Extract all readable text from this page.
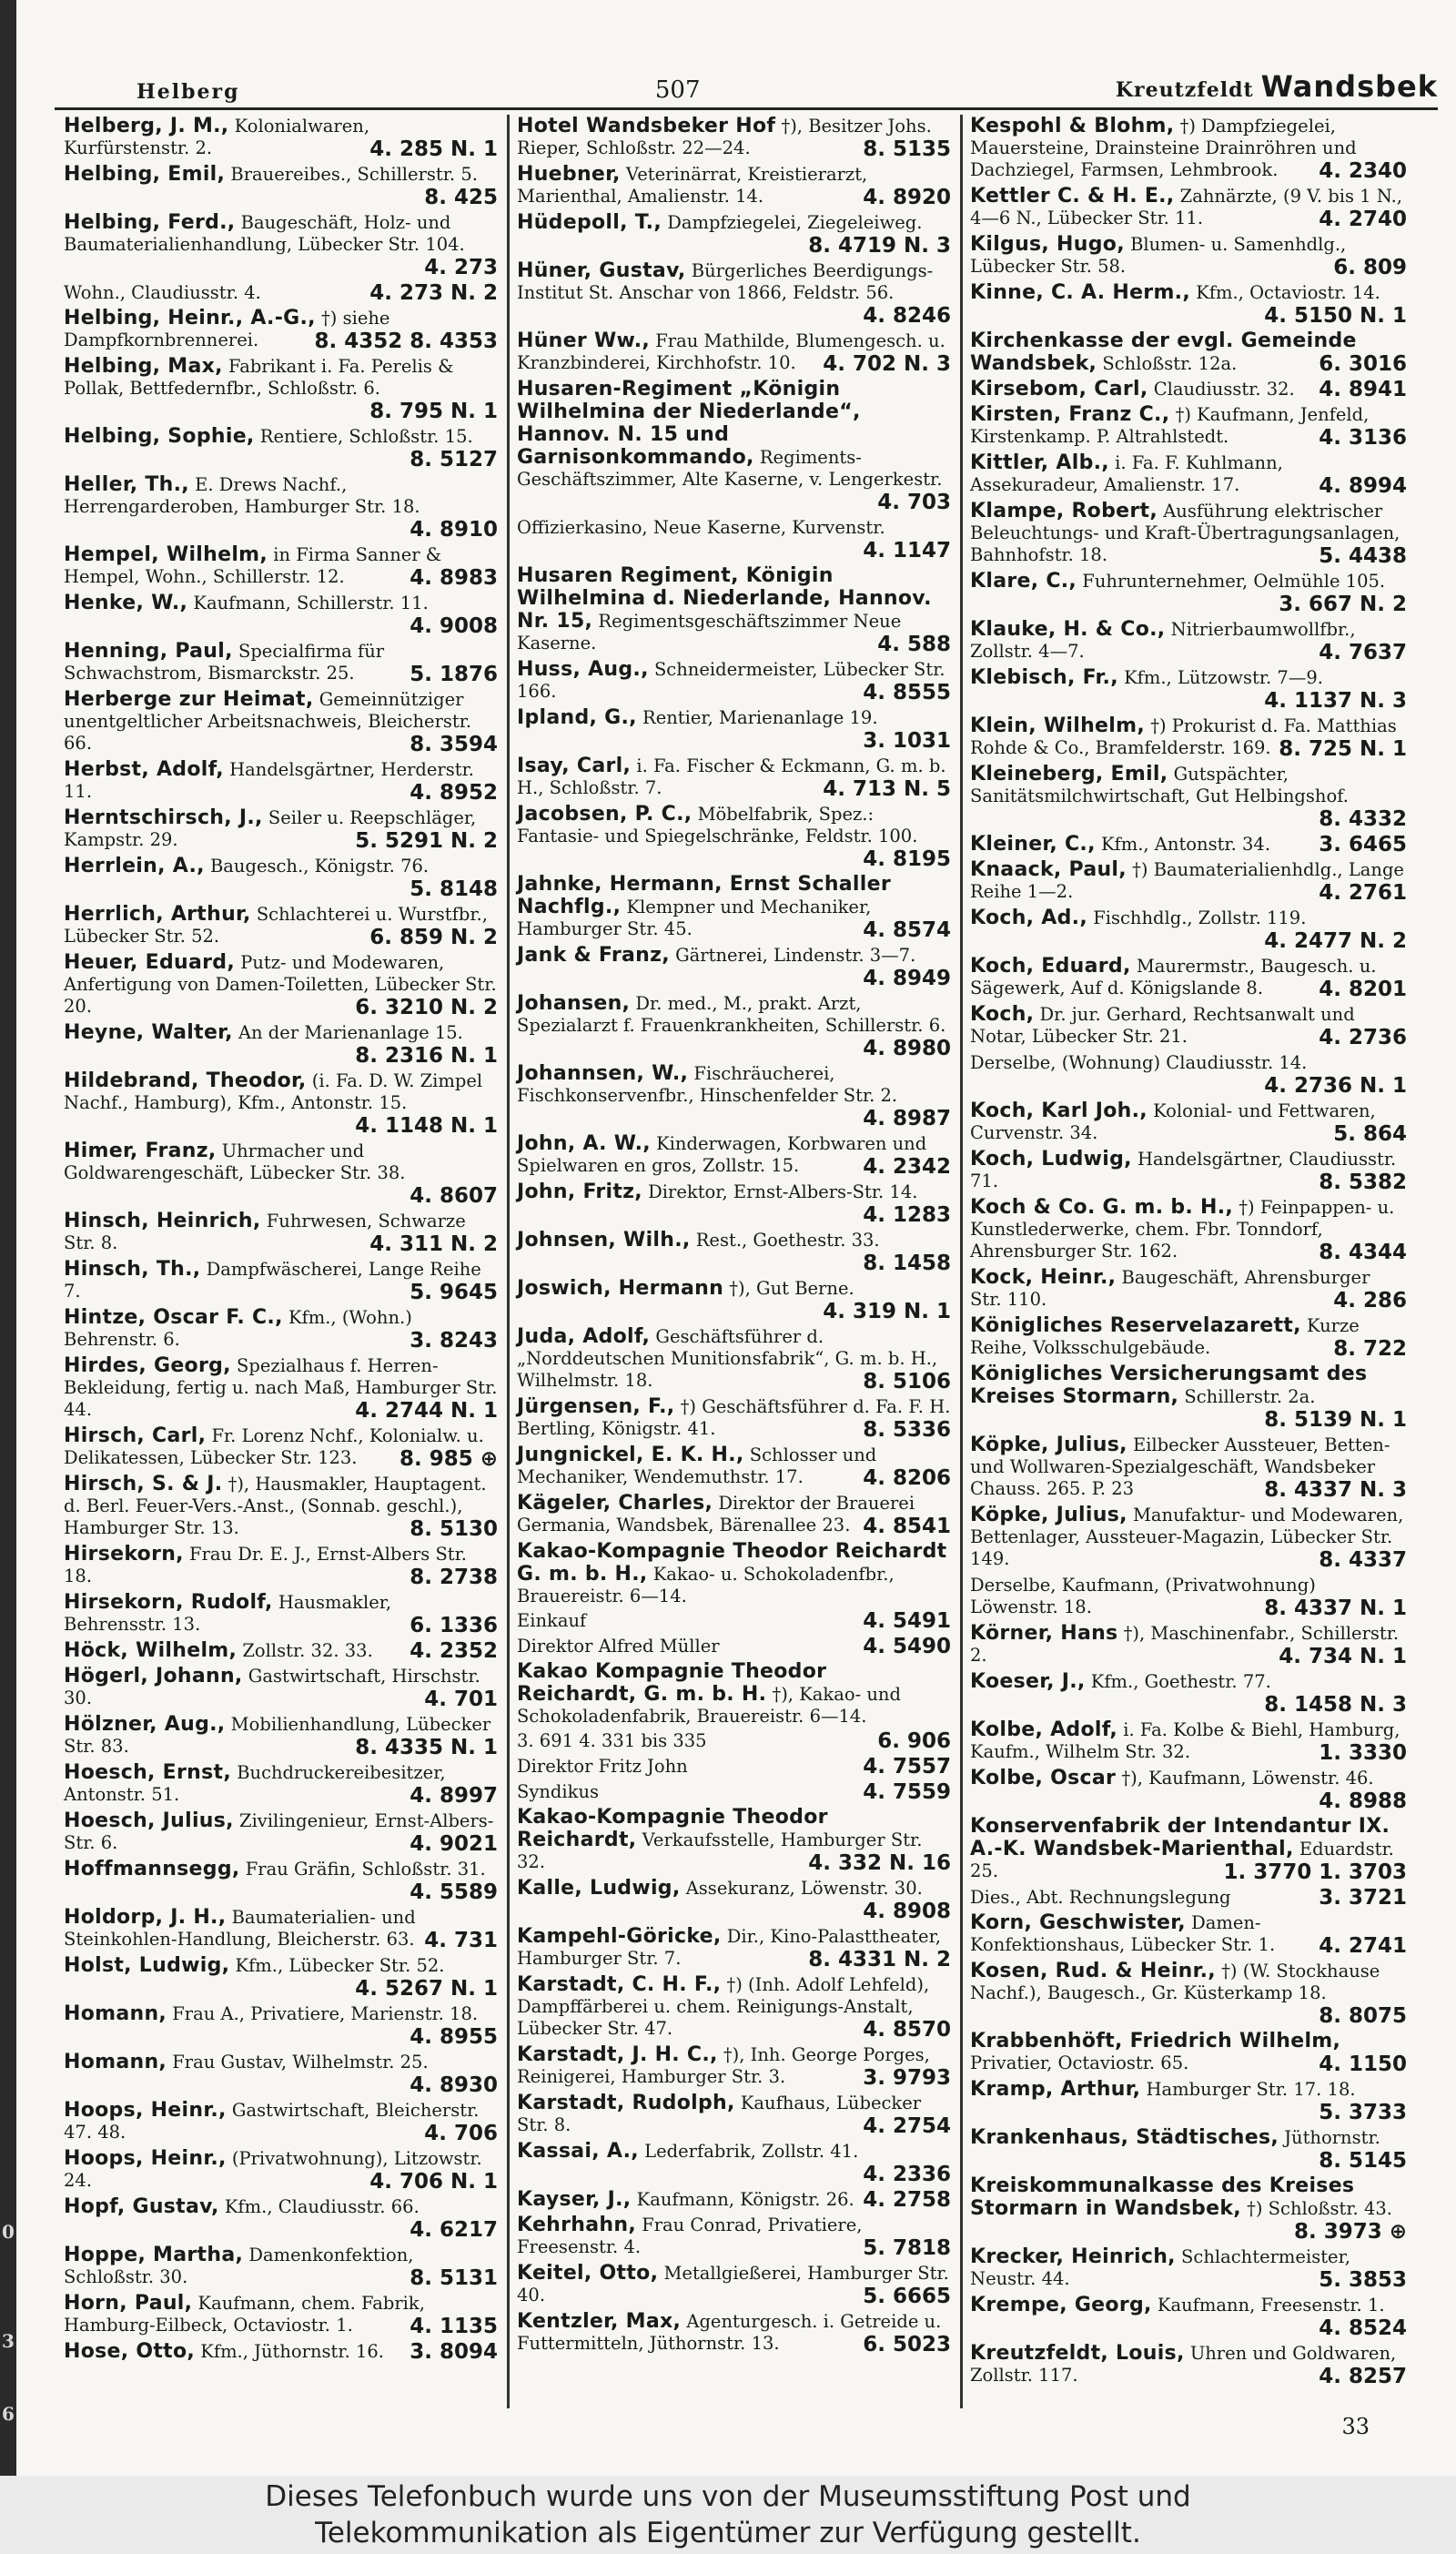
0
3
6
Helberg	507	Kreutzfeldt Wandsbek
Helberg, J. M., Kolonialwaren, Kurfürstenstr. 2.	4. 285 N. 1
Helbing, Emil, Brauereibes., Schillerstr. 5.
8. 425
Helbing, Ferd., Baugeschäft, Holz- und Baumaterialienhandlung, Lübecker Str. 104.
4. 273
Wohn., Claudiusstr. 4.	4. 273 N. 2
Helbing, Heinr., A.-G., †) siehe Dampfkornbrennerei.	8. 4352 8. 4353
Helbing, Max, Fabrikant i. Fa. Perelis & Pollak, Bettfedernfbr., Schloßstr. 6.
8. 795 N. 1
Helbing, Sophie, Rentiere, Schloßstr. 15.
8. 5127
Heller, Th., E. Drews Nachf., Herrengarderoben, Hamburger Str. 18.
4. 8910
Hempel, Wilhelm, in Firma Sanner & Hempel, Wohn., Schillerstr. 12.	4. 8983
Henke, W., Kaufmann, Schillerstr. 11.
4. 9008
Henning, Paul, Specialfirma für Schwachstrom, Bismarckstr. 25.	5. 1876
Herberge zur Heimat, Gemeinnütziger unentgeltlicher Arbeitsnachweis, Bleicherstr. 66.	8. 3594
Herbst, Adolf, Handelsgärtner, Herderstr. 11.	4. 8952
Herntschirsch, J., Seiler u. Reepschläger, Kampstr. 29.	5. 5291 N. 2
Herrlein, A., Baugesch., Königstr. 76.
5. 8148
Herrlich, Arthur, Schlachterei u. Wurstfbr., Lübecker Str. 52.	6. 859 N. 2
Heuer, Eduard, Putz- und Modewaren, Anfertigung von Damen-Toiletten, Lübecker Str. 20.	6. 3210 N. 2
Heyne, Walter, An der Marienanlage 15.
8. 2316 N. 1
Hildebrand, Theodor, (i. Fa. D. W. Zimpel Nachf., Hamburg), Kfm., Antonstr. 15.
4. 1148 N. 1
Himer, Franz, Uhrmacher und Goldwarengeschäft, Lübecker Str. 38.
4. 8607
Hinsch, Heinrich, Fuhrwesen, Schwarze Str. 8.	4. 311 N. 2
Hinsch, Th., Dampfwäscherei, Lange Reihe 7.	5. 9645
Hintze, Oscar F. C., Kfm., (Wohn.) Behrenstr. 6.	3. 8243
Hirdes, Georg, Spezialhaus f. Herren-Bekleidung, fertig u. nach Maß, Hamburger Str. 44.	4. 2744 N. 1
Hirsch, Carl, Fr. Lorenz Nchf., Kolonialw. u. Delikatessen, Lübecker Str. 123. 8. 985 ⊕
Hirsch, S. & J. †), Hausmakler, Hauptagent. d. Berl. Feuer-Vers.-Anst., (Sonnab. geschl.), Hamburger Str. 13.	8. 5130
Hirsekorn, Frau Dr. E. J., Ernst-Albers Str. 18.	8. 2738
Hirsekorn, Rudolf, Hausmakler, Behrensstr. 13.	6. 1336
Höck, Wilhelm, Zollstr. 32. 33. 4. 2352
Högerl, Johann, Gastwirtschaft, Hirschstr. 30.	4. 701
Hölzner, Aug., Mobilienhandlung, Lübecker Str. 83.	8. 4335 N. 1
Hoesch, Ernst, Buchdruckereibesitzer, Antonstr. 51.	4. 8997
Hoesch, Julius, Zivilingenieur, Ernst-Albers-Str. 6.	4. 9021
Hoffmannsegg, Frau Gräfin, Schloßstr. 31.
4. 5589
Holdorp, J. H., Baumaterialien- und Steinkohlen-Handlung, Bleicherstr. 63. 4. 731
Holst, Ludwig, Kfm., Lübecker Str. 52.
4. 5267 N. 1
Homann, Frau A., Privatiere, Marienstr. 18.
4. 8955
Homann, Frau Gustav, Wilhelmstr. 25.
4. 8930
Hoops, Heinr., Gastwirtschaft, Bleicherstr. 47. 48.	4. 706
Hoops, Heinr., (Privatwohnung), Litzowstr. 24.	4. 706 N. 1
Hopf, Gustav, Kfm., Claudiusstr. 66.
4. 6217
Hoppe, Martha, Damenkonfektion, Schloßstr. 30.	8. 5131
Horn, Paul, Kaufmann, chem. Fabrik, Hamburg-Eilbeck, Octaviostr. 1.	4. 1135
Hose, Otto, Kfm., Jüthornstr. 16. 3. 8094
Hotel Wandsbeker Hof †), Besitzer Johs. Rieper, Schloßstr. 22—24.	8. 5135
Huebner, Veterinärrat, Kreistierarzt, Marienthal, Amalienstr. 14.	4. 8920
Hüdepoll, T., Dampfziegelei, Ziegeleiweg.
8. 4719 N. 3
Hüner, Gustav, Bürgerliches Beerdigungs-Institut St. Anschar von 1866, Feldstr. 56.
4. 8246
Hüner Ww., Frau Mathilde, Blumengesch. u. Kranzbinderei, Kirchhofstr. 10. 4. 702 N. 3
Husaren-Regiment „Königin Wilhelmina der Niederlande“, Hannov. N. 15 und Garnisonkommando, Regiments-Geschäftszimmer, Alte Kaserne, v. Lengerkestr.
4. 703
Offizierkasino, Neue Kaserne, Kurvenstr.
4. 1147
Husaren Regiment, Königin Wilhelmina d. Niederlande, Hannov. Nr. 15, Regimentsgeschäftszimmer Neue Kaserne.	4. 588
Huss, Aug., Schneidermeister, Lübecker Str. 166.	4. 8555
Ipland, G., Rentier, Marienanlage 19.
3. 1031
Isay, Carl, i. Fa. Fischer & Eckmann, G. m. b. H., Schloßstr. 7.	4. 713 N. 5
Jacobsen, P. C., Möbelfabrik, Spez.: Fantasie- und Spiegelschränke, Feldstr. 100.
4. 8195
Jahnke, Hermann, Ernst Schaller Nachflg., Klempner und Mechaniker, Hamburger Str. 45.	4. 8574
Jank & Franz, Gärtnerei, Lindenstr. 3—7.
4. 8949
Johansen, Dr. med., M., prakt. Arzt, Spezialarzt f. Frauenkrankheiten, Schillerstr. 6.
4. 8980
Johannsen, W., Fischräucherei, Fischkonservenfbr., Hinschenfelder Str. 2.
4. 8987
John, A. W., Kinderwagen, Korbwaren und Spielwaren en gros, Zollstr. 15.	4. 2342
John, Fritz, Direktor, Ernst-Albers-Str. 14.
4. 1283
Johnsen, Wilh., Rest., Goethestr. 33.
8. 1458
Joswich, Hermann †), Gut Berne.
4. 319 N. 1
Juda, Adolf, Geschäftsführer d. „Norddeutschen Munitionsfabrik“, G. m. b. H., Wilhelmstr. 18.	8. 5106
Jürgensen, F., †) Geschäftsführer d. Fa. F. H. Bertling, Königstr. 41.	8. 5336
Jungnickel, E. K. H., Schlosser und Mechaniker, Wendemuthstr. 17.	4. 8206
Kägeler, Charles, Direktor der Brauerei Germania, Wandsbek, Bärenallee 23. 4. 8541
Kakao-Kompagnie Theodor Reichardt G. m. b. H., Kakao- u. Schokoladenfbr., Brauereistr. 6—14.
Einkauf	4. 5491
Direktor Alfred Müller	4. 5490
Kakao Kompagnie Theodor Reichardt, G. m. b. H. †), Kakao- und Schokoladenfabrik, Brauereistr. 6—14.
3. 691 4. 331 bis 335	6. 906
Direktor Fritz John	4. 7557
Syndikus	4. 7559
Kakao-Kompagnie Theodor Reichardt, Verkaufsstelle, Hamburger Str. 32.	4. 332 N. 16
Kalle, Ludwig, Assekuranz, Löwenstr. 30.
4. 8908
Kampehl-Göricke, Dir., Kino-Palasttheater, Hamburger Str. 7.	8. 4331 N. 2
Karstadt, C. H. F., †) (Inh. Adolf Lehfeld), Dampffärberei u. chem. Reinigungs-Anstalt, Lübecker Str. 47.	4. 8570
Karstadt, J. H. C., †), Inh. George Porges, Reinigerei, Hamburger Str. 3.	3. 9793
Karstadt, Rudolph, Kaufhaus, Lübecker Str. 8.	4. 2754
Kassai, A., Lederfabrik, Zollstr. 41.
4. 2336
Kayser, J., Kaufmann, Königstr. 26. 4. 2758
Kehrhahn, Frau Conrad, Privatiere, Freesenstr. 4.	5. 7818
Keitel, Otto, Metallgießerei, Hamburger Str. 40.	5. 6665
Kentzler, Max, Agenturgesch. i. Getreide u. Futtermitteln, Jüthornstr. 13.	6. 5023
Kespohl & Blohm, †) Dampfziegelei, Mauersteine, Drainsteine Drainröhren und Dachziegel, Farmsen, Lehmbrook. 4. 2340
Kettler C. & H. E., Zahnärzte, (9 V. bis 1 N., 4—6 N., Lübecker Str. 11.	4. 2740
Kilgus, Hugo, Blumen- u. Samenhdlg., Lübecker Str. 58.	6. 809
Kinne, C. A. Herm., Kfm., Octaviostr. 14.
4. 5150 N. 1
Kirchenkasse der evgl. Gemeinde Wandsbek, Schloßstr. 12a.	6. 3016
Kirsebom, Carl, Claudiusstr. 32. 4. 8941
Kirsten, Franz C., †) Kaufmann, Jenfeld, Kirstenkamp. P. Altrahlstedt.	4. 3136
Kittler, Alb., i. Fa. F. Kuhlmann, Assekuradeur, Amalienstr. 17.	4. 8994
Klampe, Robert, Ausführung elektrischer Beleuchtungs- und Kraft-Übertragungsanlagen, Bahnhofstr. 18.	5. 4438
Klare, C., Fuhrunternehmer, Oelmühle 105.
3. 667 N. 2
Klauke, H. & Co., Nitrierbaumwollfbr., Zollstr. 4—7.	4. 7637
Klebisch, Fr., Kfm., Lützowstr. 7—9.
4. 1137 N. 3
Klein, Wilhelm, †) Prokurist d. Fa. Matthias Rohde & Co., Bramfelderstr. 169. 8. 725 N. 1
Kleineberg, Emil, Gutspächter, Sanitätsmilchwirtschaft, Gut Helbingshof.
8. 4332
Kleiner, C., Kfm., Antonstr. 34. 3. 6465
Knaack, Paul, †) Baumaterialienhdlg., Lange Reihe 1—2.	4. 2761
Koch, Ad., Fischhdlg., Zollstr. 119.
4. 2477 N. 2
Koch, Eduard, Maurermstr., Baugesch. u. Sägewerk, Auf d. Königslande 8.	4. 8201
Koch, Dr. jur. Gerhard, Rechtsanwalt und Notar, Lübecker Str. 21.	4. 2736
Derselbe, (Wohnung) Claudiusstr. 14.
4. 2736 N. 1
Koch, Karl Joh., Kolonial- und Fettwaren, Curvenstr. 34.	5. 864
Koch, Ludwig, Handelsgärtner, Claudiusstr. 71.	8. 5382
Koch & Co. G. m. b. H., †) Feinpappen- u. Kunstlederwerke, chem. Fbr. Tonndorf, Ahrensburger Str. 162.	8. 4344
Kock, Heinr., Baugeschäft, Ahrensburger Str. 110.	4. 286
Königliches Reservelazarett, Kurze Reihe, Volksschulgebäude.	8. 722
Königliches Versicherungsamt des Kreises Stormarn, Schillerstr. 2a.
8. 5139 N. 1
Köpke, Julius, Eilbecker Aussteuer, Betten- und Wollwaren-Spezialgeschäft, Wandsbeker Chauss. 265. P. 23	8. 4337 N. 3
Köpke, Julius, Manufaktur- und Modewaren, Bettenlager, Aussteuer-Magazin, Lübecker Str. 149.	8. 4337
Derselbe, Kaufmann, (Privatwohnung) Löwenstr. 18.	8. 4337 N. 1
Körner, Hans †), Maschinenfabr., Schillerstr. 2.	4. 734 N. 1
Koeser, J., Kfm., Goethestr. 77.
8. 1458 N. 3
Kolbe, Adolf, i. Fa. Kolbe & Biehl, Hamburg, Kaufm., Wilhelm Str. 32.	1. 3330
Kolbe, Oscar †), Kaufmann, Löwenstr. 46.
4. 8988
Konservenfabrik der Intendantur IX. A.-K. Wandsbek-Marienthal, Eduardstr. 25.	1. 3770 1. 3703
Dies., Abt. Rechnungslegung	3. 3721
Korn, Geschwister, Damen-Konfektionshaus, Lübecker Str. 1. 4. 2741
Kosen, Rud. & Heinr., †) (W. Stockhause Nachf.), Baugesch., Gr. Küsterkamp 18.
8. 8075
Krabbenhöft, Friedrich Wilhelm, Privatier, Octaviostr. 65.	4. 1150
Kramp, Arthur, Hamburger Str. 17. 18.
5. 3733
Krankenhaus, Städtisches, Jüthornstr.
8. 5145
Kreiskommunalkasse des Kreises Stormarn in Wandsbek, †) Schloßstr. 43.
8. 3973 ⊕
Krecker, Heinrich, Schlachtermeister, Neustr. 44.	5. 3853
Krempe, Georg, Kaufmann, Freesenstr. 1.
4. 8524
Kreutzfeldt, Louis, Uhren und Goldwaren, Zollstr. 117.	4. 8257
33
Dieses Telefonbuch wurde uns von der Museumsstiftung Post und
Telekommunikation als Eigentümer zur Verfügung gestellt.
